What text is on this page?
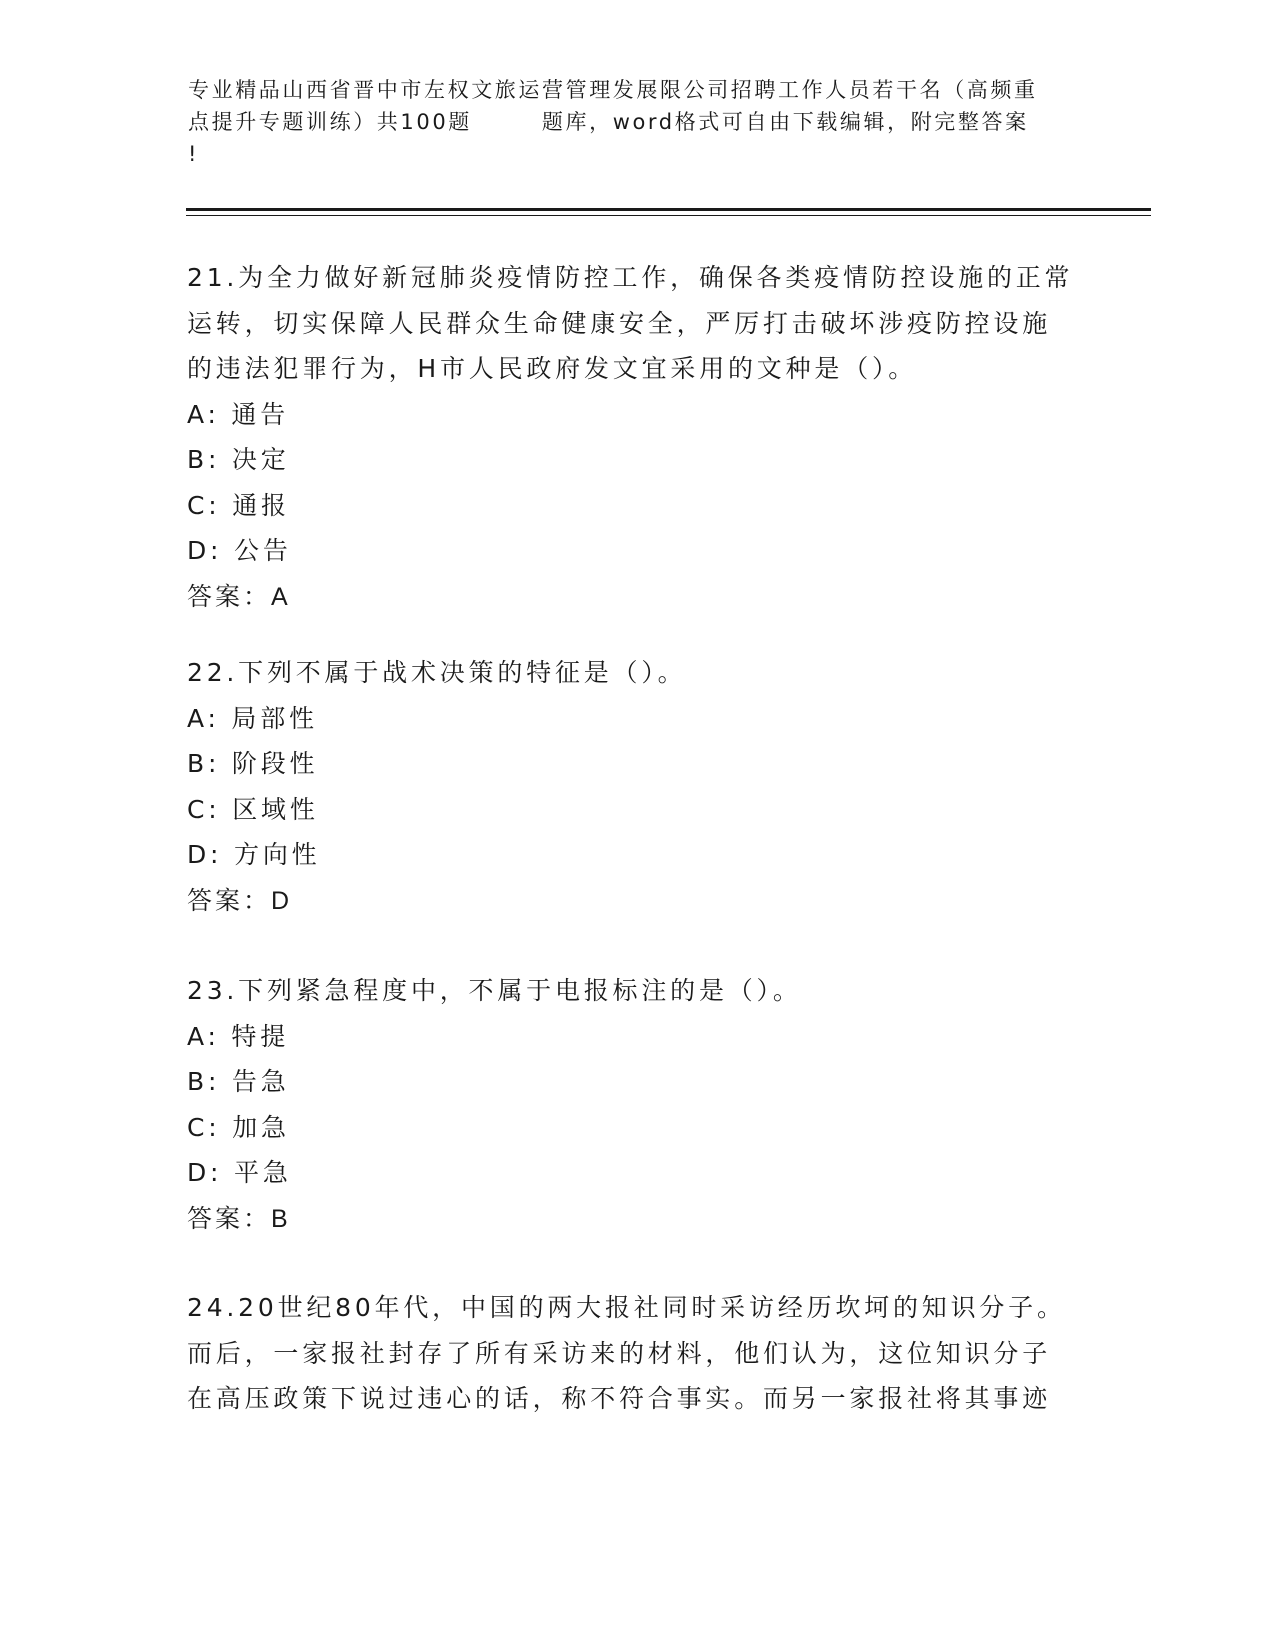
专业精品山西省晋中市左权文旅运营管理发展限公司招聘工作人员若干名（高频重
点提升专题训练）共100题	题库，word格式可自由下载编辑，附完整答案
!
21.为全力做好新冠肺炎疫情防控工作，确保各类疫情防控设施的正常
运转，切实保障人民群众生命健康安全，严厉打击破坏涉疫防控设施
的违法犯罪行为，H市人民政府发文宜采用的文种是（）。
A: 通告
B: 决定
C: 通报
D: 公告
答案：A
22.下列不属于战术决策的特征是（）。
A: 局部性
B: 阶段性
C: 区域性
D: 方向性
答案：D
23.下列紧急程度中，不属于电报标注的是（）。
A: 特提
B: 告急
C: 加急
D: 平急
答案：B
24.20世纪80年代，中国的两大报社同时采访经历坎坷的知识分子。
而后，一家报社封存了所有采访来的材料，他们认为，这位知识分子
在高压政策下说过违心的话，称不符合事实。而另一家报社将其事迹
